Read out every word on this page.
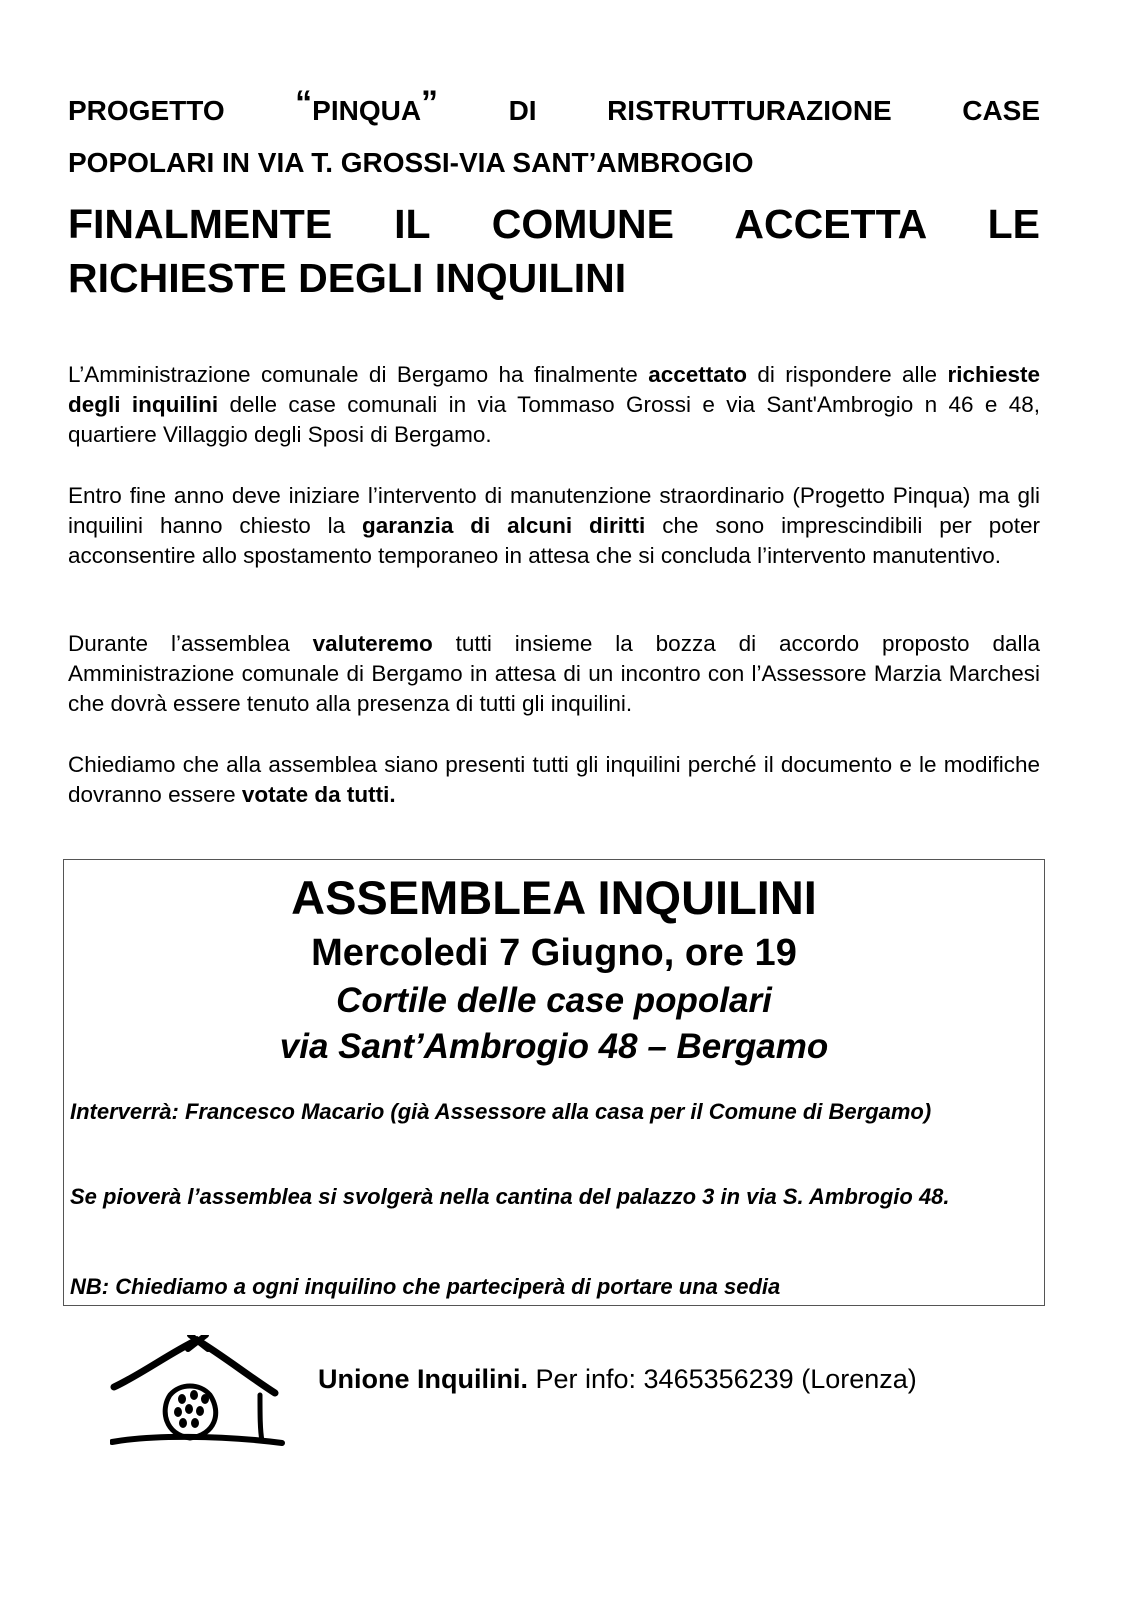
PROGETTO “PINQUA”	DI RISTRUTTURAZIONE CASE
POPOLARI IN VIA T. GROSSI-VIA SANT’AMBROGIO
FINALMENTE IL COMUNE ACCETTA LE
RICHIESTE DEGLI INQUILINI

L’Amministrazione comunale di Bergamo ha finalmente accettato di rispondere alle richieste degli inquilini delle case comunali in via Tommaso Grossi e via Sant'Ambrogio n 46 e 48, quartiere Villaggio degli Sposi di Bergamo.

Entro fine anno deve iniziare l’intervento di manutenzione straordinario (Progetto Pinqua) ma gli inquilini hanno chiesto la garanzia di alcuni diritti che sono imprescindibili per poter acconsentire allo spostamento temporaneo in attesa che si concluda l’intervento manutentivo.

Durante l’assemblea valuteremo tutti insieme la bozza di accordo proposto dalla Amministrazione comunale di Bergamo in attesa di un incontro con l’Assessore Marzia Marchesi che dovrà essere tenuto alla presenza di tutti gli inquilini.

Chiediamo che alla assemblea siano presenti tutti gli inquilini perché il documento e le modifiche dovranno essere votate da tutti.

ASSEMBLEA INQUILINI
Mercoledi 7 Giugno, ore 19
Cortile delle case popolari
via Sant’Ambrogio 48 – Bergamo

Interverrà: Francesco Macario (già Assessore alla casa per il Comune di Bergamo)

Se pioverà l’assemblea si svolgerà nella cantina del palazzo 3 in via S. Ambrogio 48.

NB: Chiediamo a ogni inquilino che parteciperà di portare una sedia

Unione Inquilini. Per info: 3465356239 (Lorenza)
